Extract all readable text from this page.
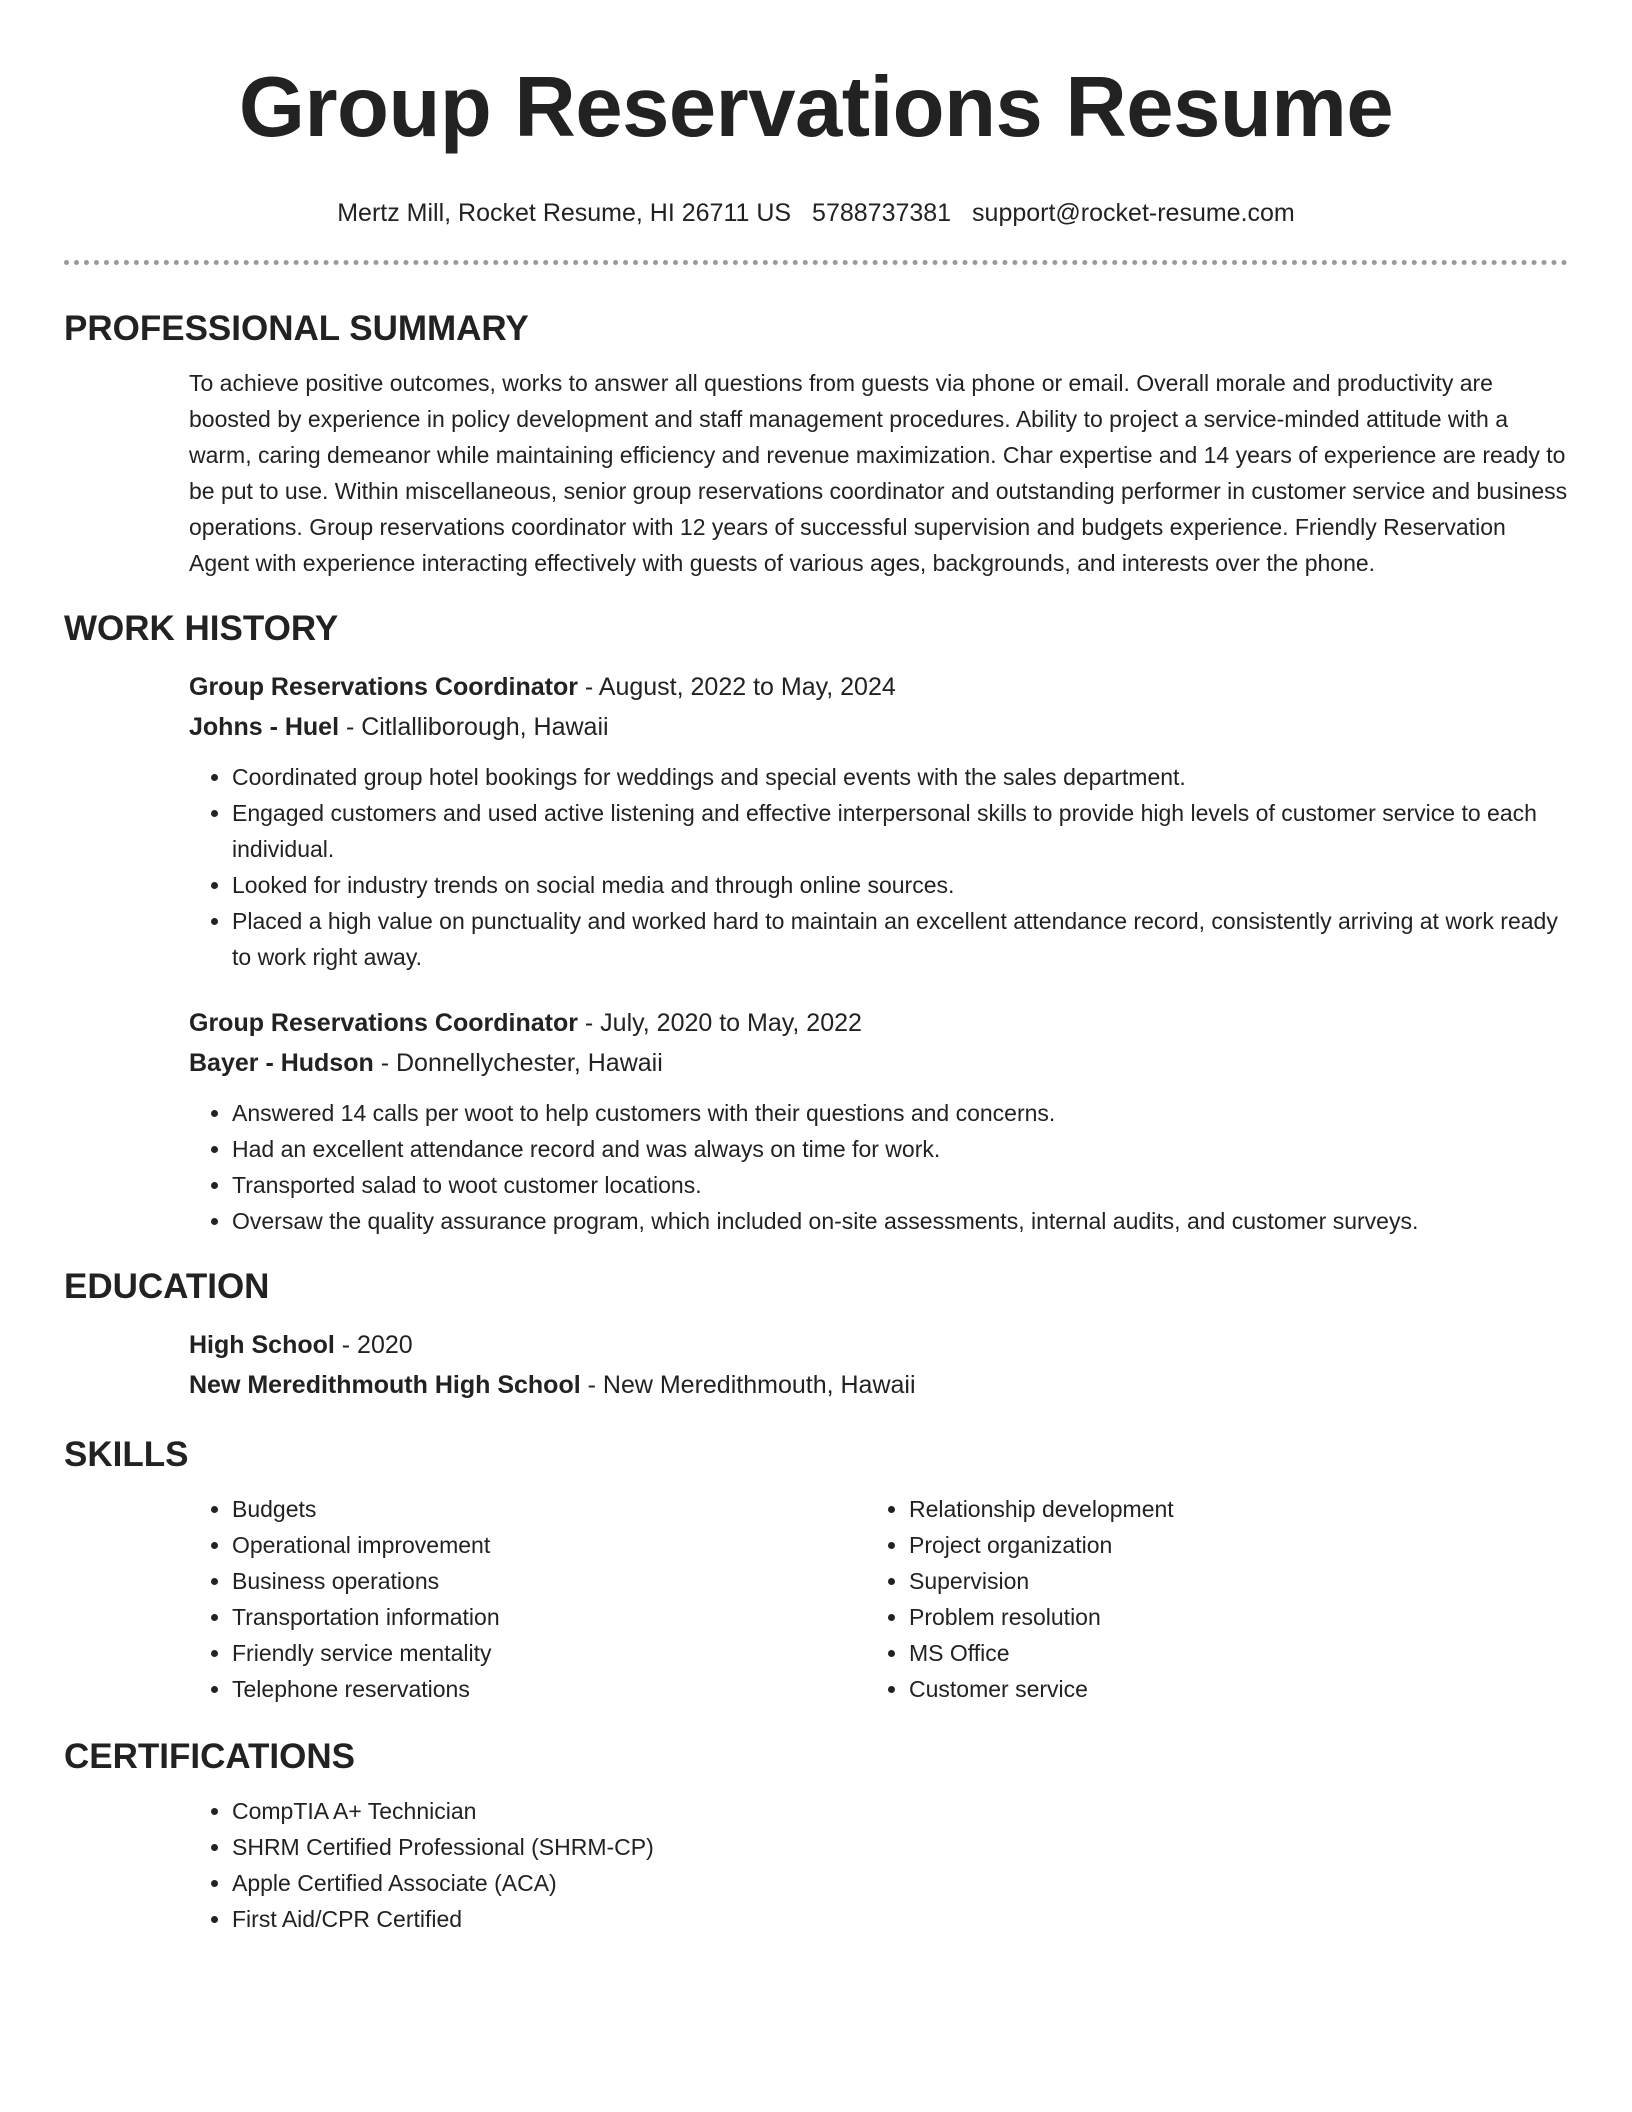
Group Reservations Resume
Mertz Mill, Rocket Resume, HI 26711 US 5788737381 support@rocket-resume.com
PROFESSIONAL SUMMARY

To achieve positive outcomes, works to answer all questions from guests via phone or email. Overall morale and productivity are boosted by experience in policy development and staff management procedures. Ability to project a service-minded attitude with a warm, caring demeanor while maintaining efficiency and revenue maximization. Char expertise and 14 years of experience are ready to be put to use. Within miscellaneous, senior group reservations coordinator and outstanding performer in customer service and business operations. Group reservations coordinator with 12 years of successful supervision and budgets experience. Friendly Reservation Agent with experience interacting effectively with guests of various ages, backgrounds, and interests over the phone.

WORK HISTORY
Group Reservations Coordinator - August, 2022 to May, 2024
Johns - Huel - Citlalliborough, Hawaii
• Coordinated group hotel bookings for weddings and special events with the sales department.
• Engaged customers and used active listening and effective interpersonal skills to provide high levels of customer service to each individual.
• Looked for industry trends on social media and through online sources.
• Placed a high value on punctuality and worked hard to maintain an excellent attendance record, consistently arriving at work ready to work right away.
Group Reservations Coordinator - July, 2020 to May, 2022
Bayer - Hudson - Donnellychester, Hawaii
• Answered 14 calls per woot to help customers with their questions and concerns.
• Had an excellent attendance record and was always on time for work.
• Transported salad to woot customer locations.
• Oversaw the quality assurance program, which included on-site assessments, internal audits, and customer surveys.
EDUCATION
High School - 2020
New Meredithmouth High School - New Meredithmouth, Hawaii
SKILLS
• Budgets
• Operational improvement
• Business operations
• Transportation information
• Friendly service mentality
• Telephone reservations
• Relationship development
• Project organization
• Supervision
• Problem resolution
• MS Office
• Customer service
CERTIFICATIONS
• CompTIA A+ Technician
• SHRM Certified Professional (SHRM-CP)
• Apple Certified Associate (ACA)
• First Aid/CPR Certified
